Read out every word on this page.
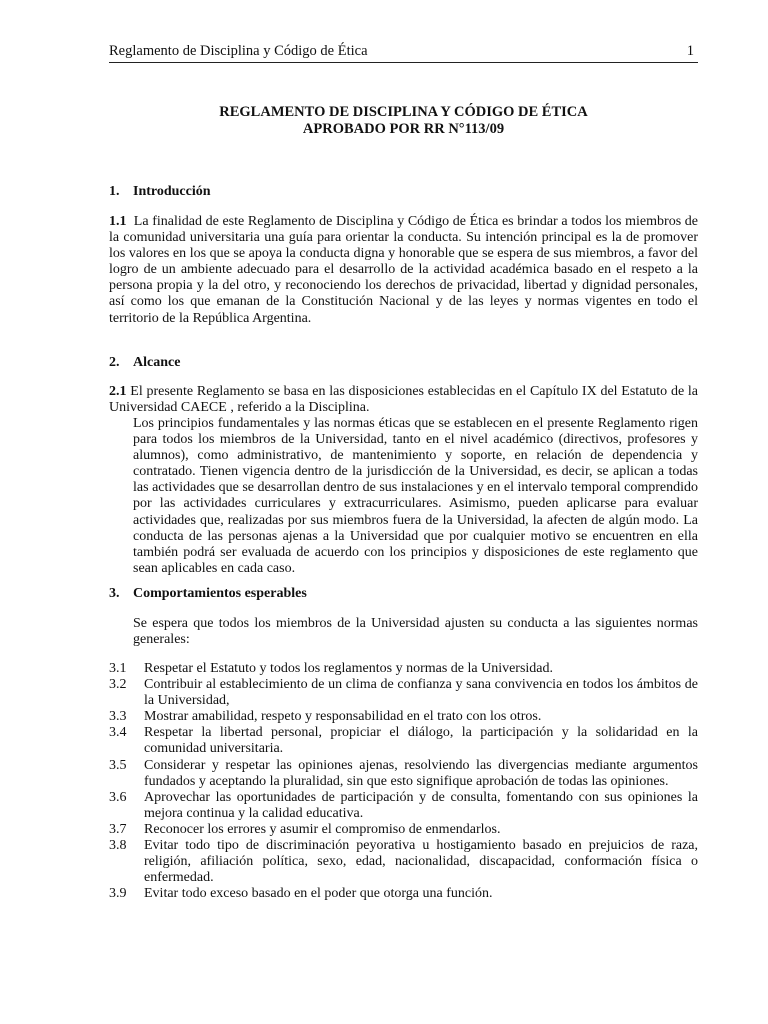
Reglamento de Disciplina y Código de Ética	1
REGLAMENTO DE DISCIPLINA Y CÓDIGO DE ÉTICA
APROBADO POR RR N°113/09
1. Introducción
1.1 La finalidad de este Reglamento de Disciplina y Código de Ética es brindar a todos los miembros de la comunidad universitaria una guía para orientar la conducta. Su intención principal es la de promover los valores en los que se apoya la conducta digna y honorable que se espera de sus miembros, a favor del logro de un ambiente adecuado para el desarrollo de la actividad académica basado en el respeto a la persona propia y la del otro, y reconociendo los derechos de privacidad, libertad y dignidad personales, así como los que emanan de la Constitución Nacional y de las leyes y normas vigentes en todo el territorio de la República Argentina.
2. Alcance
2.1 El presente Reglamento se basa en las disposiciones establecidas en el Capítulo IX del Estatuto de la Universidad CAECE , referido a la Disciplina.
Los principios fundamentales y las normas éticas que se establecen en el presente Reglamento rigen para todos los miembros de la Universidad, tanto en el nivel académico (directivos, profesores y alumnos), como administrativo, de mantenimiento y soporte, en relación de dependencia y contratado. Tienen vigencia dentro de la jurisdicción de la Universidad, es decir, se aplican a todas las actividades que se desarrollan dentro de sus instalaciones y en el intervalo temporal comprendido por las actividades curriculares y extracurriculares. Asimismo, pueden aplicarse para evaluar actividades que, realizadas por sus miembros fuera de la Universidad, la afecten de algún modo. La conducta de las personas ajenas a la Universidad que por cualquier motivo se encuentren en ella también podrá ser evaluada de acuerdo con los principios y disposiciones de este reglamento que sean aplicables en cada caso.
3. Comportamientos esperables
Se espera que todos los miembros de la Universidad ajusten su conducta a las siguientes normas generales:
3.1 Respetar el Estatuto y todos los reglamentos y normas de la Universidad.
3.2 Contribuir al establecimiento de un clima de confianza y sana convivencia en todos los ámbitos de la Universidad,
3.3 Mostrar amabilidad, respeto y responsabilidad en el trato con los otros.
3.4 Respetar la libertad personal, propiciar el diálogo, la participación y la solidaridad en la comunidad universitaria.
3.5 Considerar y respetar las opiniones ajenas, resolviendo las divergencias mediante argumentos fundados y aceptando la pluralidad, sin que esto signifique aprobación de todas las opiniones.
3.6 Aprovechar las oportunidades de participación y de consulta, fomentando con sus opiniones la mejora continua y la calidad educativa.
3.7 Reconocer los errores y asumir el compromiso de enmendarlos.
3.8 Evitar todo tipo de discriminación peyorativa u hostigamiento basado en prejuicios de raza, religión, afiliación política, sexo, edad, nacionalidad, discapacidad, conformación física o enfermedad.
3.9 Evitar todo exceso basado en el poder que otorga una función.
